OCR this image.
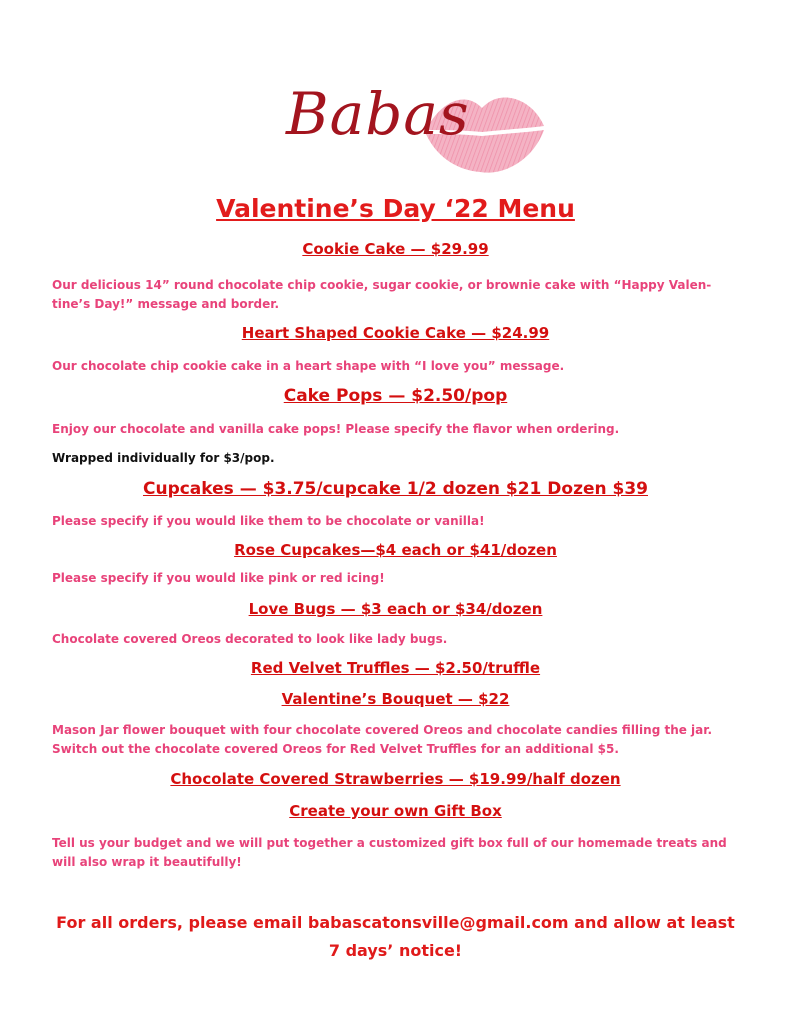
Babas
Valentine’s Day ‘22 Menu
Cookie Cake — $29.99
Our delicious 14” round chocolate chip cookie, sugar cookie, or brownie cake with “Happy Valen-
tine’s Day!” message and border.
Heart Shaped Cookie Cake — $24.99
Our chocolate chip cookie cake in a heart shape with “I love you” message.
Cake Pops — $2.50/pop
Enjoy our chocolate and vanilla cake pops! Please specify the flavor when ordering.
Wrapped individually for $3/pop.
Cupcakes — $3.75/cupcake 1/2 dozen $21 Dozen $39
Please specify if you would like them to be chocolate or vanilla!
Rose Cupcakes—$4 each or $41/dozen
Please specify if you would like pink or red icing!
Love Bugs — $3 each or $34/dozen
Chocolate covered Oreos decorated to look like lady bugs.
Red Velvet Truffles — $2.50/truffle
Valentine’s Bouquet — $22
Mason Jar flower bouquet with four chocolate covered Oreos and chocolate candies filling the jar.
Switch out the chocolate covered Oreos for Red Velvet Truffles for an additional $5.
Chocolate Covered Strawberries — $19.99/half dozen
Create your own Gift Box
Tell us your budget and we will put together a customized gift box full of our homemade treats and
will also wrap it beautifully!
For all orders, please email babascatonsville@gmail.com and allow at least
7 days’ notice!
